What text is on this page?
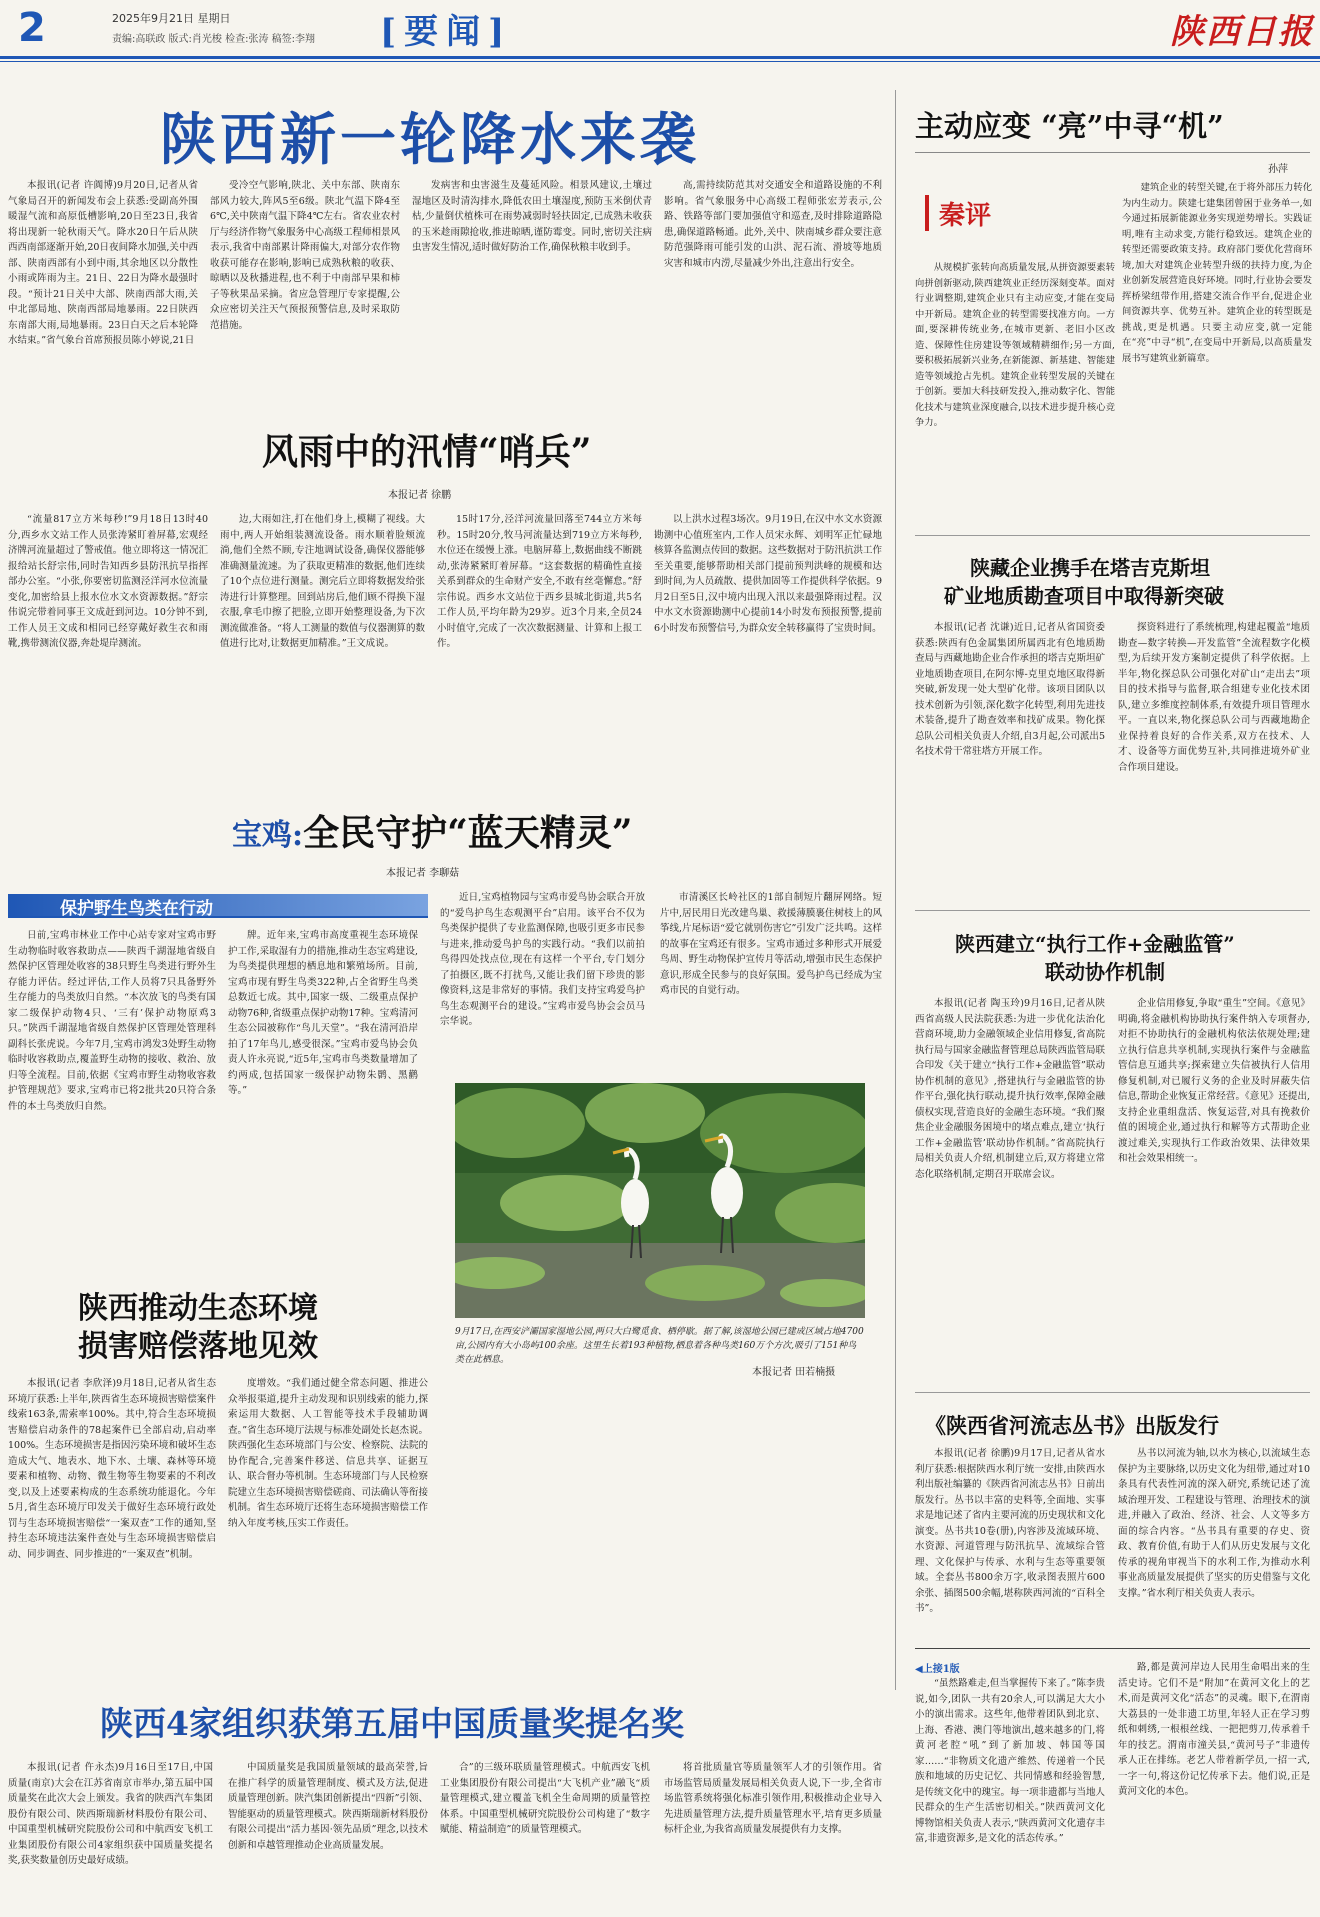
2	2025年9月21日 星期日
责编:高联政 版式:肖光梭 检查:张涛 稿签:李翔 [要闻]	陕西日报
陕西新一轮降水来袭

本报讯(记者 许阗博)9月20日,记者从省气象局召开的新闻发布会上获悉:受副高外围暖湿气流和高原低槽影响,20日至23日,我省将出现新一轮秋雨天气。降水20日午后从陕西西南部逐渐开始,20日夜间降水加强,关中西部、陕南西部有小到中雨,其余地区以分散性小雨或阵雨为主。21日、22日为降水最强时段。“预计21日关中大部、陕南西部大雨,关中北部局地、陕南西部局地暴雨。22日陕西东南部大雨,局地暴雨。23日白天之后本轮降水结束。”省气象台首席预报员陈小婷说,21日

受冷空气影响,陕北、关中东部、陕南东部风力较大,阵风5至6级。陕北气温下降4至6℃,关中陕南气温下降4℃左右。省农业农村厅与经济作物气象服务中心高级工程师相景风表示,我省中南部累计降雨偏大,对部分农作物收获可能存在影响,影响已成熟秋粮的收获、晾晒以及秋播进程,也不利于中南部早果和柿子等秋果品采摘。省应急管理厅专家提醒,公众应密切关注天气预报预警信息,及时采取防范措施。

发病害和虫害滋生及蔓延风险。相景风建议,土壤过湿地区及时清沟排水,降低农田土壤湿度,预防玉米倒伏青枯,少量倒伏植株可在雨势减弱时轻扶固定,已成熟未收获的玉米趁雨隙抢收,推进晾晒,谨防霉变。同时,密切关注病虫害发生情况,适时做好防治工作,确保秋粮丰收到手。

高,需持续防范其对交通安全和道路设施的不利影响。省气象服务中心高级工程师张宏芳表示,公路、铁路等部门要加强值守和巡查,及时排除道路隐患,确保道路畅通。此外,关中、陕南城乡群众要注意防范强降雨可能引发的山洪、泥石流、滑坡等地质灾害和城市内涝,尽量减少外出,注意出行安全。

风雨中的汛情“哨兵”
本报记者 徐鹏

“流量817立方米每秒!”9月18日13时40分,西乡水文站工作人员张涛紧盯着屏幕,宏观经济牌河流量超过了警戒值。他立即将这一情况汇报给站长舒宗伟,同时告知西乡县防汛抗旱指挥部办公室。“小张,你要密切监测泾洋河水位流量变化,加密给县上报水位水文水资源数据。”舒宗伟说完带着同事王文成赶到河边。10分钟不到,工作人员王文成和相同已经穿戴好救生衣和雨靴,携带测流仪器,奔赴堤岸测流。

边,大雨如注,打在他们身上,模糊了视线。大雨中,两人开始组装测流设备。雨水顺着脸颊流淌,他们全然不顾,专注地调试设备,确保仪器能够准确测量流速。为了获取更精准的数据,他们连续了10个点位进行测量。测完后立即将数据发给张涛进行计算整理。回到站房后,他们顾不得换下湿衣服,拿毛巾擦了把脸,立即开始整理设备,为下次测流做准备。“将人工测量的数值与仪器测算的数值进行比对,让数据更加精准。”王文成说。

15时17分,泾洋河流量回落至744立方米每秒。15时20分,牧马河流量达到719立方米每秒,水位还在缓慢上涨。电脑屏幕上,数据曲线不断跳动,张涛紧紧盯着屏幕。“这套数据的精确性直接关系到群众的生命财产安全,不敢有丝毫懈怠。”舒宗伟说。西乡水文站位于西乡县城北街道,共5名工作人员,平均年龄为29岁。近3个月来,全员24小时值守,完成了一次次数据测量、计算和上报工作。

以上洪水过程3场次。9月19日,在汉中水文水资源勘测中心值班室内,工作人员宋永辉、刘明军正忙碌地核算各监测点传回的数据。这些数据对于防汛抗洪工作至关重要,能够帮助相关部门提前预判洪峰的规模和达到时间,为人员疏散、提供加固等工作提供科学依据。9月2日至5日,汉中境内出现入汛以来最强降雨过程。汉中水文水资源勘测中心提前14小时发布预报预警,提前6小时发布预警信号,为群众安全转移赢得了宝贵时间。

宝鸡:全民守护“蓝天精灵”
本报记者 李聊菇
保护野生鸟类在行动

日前,宝鸡市林业工作中心站专家对宝鸡市野生动物临时收容救助点——陕西千湖湿地省级自然保护区管理处收容的38只野生鸟类进行野外生存能力评估。经过评估,工作人员将7只具备野外生存能力的鸟类放归自然。“本次放飞的鸟类有国家二级保护动物4只、‘三有’保护动物原鸡3只。”陕西千湖湿地省级自然保护区管理处管理科副科长张虎说。今年7月,宝鸡市鸿发3处野生动物临时收容救助点,覆盖野生动物的接收、救治、放归等全流程。目前,依据《宝鸡市野生动物收容救护管理规范》要求,宝鸡市已将2批共20只符合条件的本土鸟类放归自然。

牌。近年来,宝鸡市高度重视生态环境保护工作,采取湿有力的措施,推动生态宝鸡建设,为鸟类提供理想的栖息地和繁殖场所。目前,宝鸡市现有野生鸟类322种,占全省野生鸟类总数近七成。其中,国家一级、二级重点保护动物76种,省级重点保护动物17种。宝鸡清河生态公园被称作“鸟儿天堂”。“我在清河沿岸拍了17年鸟儿,感受很深。”宝鸡市爱鸟协会负责人许永亮说,“近5年,宝鸡市鸟类数量增加了约两成,包括国家一级保护动物朱鹮、黑鹳等。”

近日,宝鸡植物园与宝鸡市爱鸟协会联合开放的“爱鸟护鸟生态观测平台”启用。该平台不仅为鸟类保护提供了专业监测保障,也吸引更多市民参与进来,推动爱鸟护鸟的实践行动。“我们以前拍鸟得四处找点位,现在有这样一个平台,专门划分了拍摄区,既不打扰鸟,又能让我们留下珍贵的影像资料,这是非常好的事情。我们支持宝鸡爱鸟护鸟生态观测平台的建设。”宝鸡市爱鸟协会会员马宗华说。

市清溪区长岭社区的1部自制短片翻屏网络。短片中,居民用日光改建鸟巢、救援薄膜裹住树枝上的风筝线,片尾标语“爱它就别伤害它”引发广泛共鸣。这样的故事在宝鸡还有很多。宝鸡市通过多种形式开展爱鸟周、野生动物保护宣传月等活动,增强市民生态保护意识,形成全民参与的良好氛围。爱鸟护鸟已经成为宝鸡市民的自觉行动。

陕西推动生态环境
损害赔偿落地见效

本报讯(记者 李欣泽)9月18日,记者从省生态环境厅获悉:上半年,陕西省生态环境损害赔偿案件线索163条,需索率100%。其中,符合生态环境损害赔偿启动条件的78起案件已全部启动,启动率100%。生态环境损害是指因污染环境和破坏生态造成大气、地表水、地下水、土壤、森林等环境要素和植物、动物、微生物等生物要素的不利改变,以及上述要素构成的生态系统功能退化。今年5月,省生态环境厅印发关于做好生态环境行政处罚与生态环境损害赔偿“一案双查”工作的通知,坚持生态环境违法案件查处与生态环境损害赔偿启动、同步调查、同步推进的“一案双查”机制。

度增效。“我们通过健全常态问题、推进公众举报渠道,提升主动发现和识别线索的能力,探索运用大数据、人工智能等技术手段辅助调查。”省生态环境厅法规与标准处副处长赵杰说。陕西强化生态环境部门与公安、检察院、法院的协作配合,完善案件移送、信息共享、证据互认、联合督办等机制。生态环境部门与人民检察院建立生态环境损害赔偿磋商、司法确认等衔接机制。省生态环境厅还将生态环境损害赔偿工作纳入年度考核,压实工作责任。

9月17日,在西安浐灞国家湿地公园,两只大白鹭觅食、栖停歇。据了解,该湿地公园已建成区域占地4700亩,公园内有大小岛屿100余座。这里生长着193种植物,栖息着各种鸟类160万个方次,吸引了151种鸟类在此栖息。
本报记者 田若楠摄
陕西4家组织获第五届中国质量奖提名奖

本报讯(记者 仵永杰)9月16日至17日,中国质量(南京)大会在江苏省南京市举办,第五届中国质量奖在此次大会上颁发。我省的陕西汽车集团股份有限公司、陕西斯瑞新材料股份有限公司、中国重型机械研究院股份公司和中航西安飞机工业集团股份有限公司4家组织获中国质量奖提名奖,获奖数量创历史最好成绩。

中国质量奖是我国质量领域的最高荣誉,旨在推广科学的质量管理制度、模式及方法,促进质量管理创新。陕汽集团创新提出“四新”引领、智能驱动的质量管理模式。陕西斯瑞新材料股份有限公司提出“活力基因·领先品质”理念,以技术创新和卓越管理推动企业高质量发展。

合”的三级环联质量管理模式。中航西安飞机工业集团股份有限公司提出“大飞机产业”融飞“质量管理模式,建立覆盖飞机全生命周期的质量管控体系。中国重型机械研究院股份公司构建了“数字赋能、精益制造”的质量管理模式。

将首批质量官等质量领军人才的引领作用。省市场监管局质量发展局相关负责人说,下一步,全省市场监管系统将强化标准引领作用,积极推动企业导入先进质量管理方法,提升质量管理水平,培育更多质量标杆企业,为我省高质量发展提供有力支撑。

主动应变 “亮”中寻“机”
孙萍
秦评

从规模扩张转向高质量发展,从拼资源要素转向拼创新驱动,陕西建筑业正经历深刻变革。面对行业调整期,建筑企业只有主动应变,才能在变局中开新局。建筑企业的转型需要找准方向。一方面,要深耕传统业务,在城市更新、老旧小区改造、保障性住房建设等领域精耕细作;另一方面,要积极拓展新兴业务,在新能源、新基建、智能建造等领域抢占先机。建筑企业转型发展的关键在于创新。要加大科技研发投入,推动数字化、智能化技术与建筑业深度融合,以技术进步提升核心竞争力。

建筑企业的转型关键,在于将外部压力转化为内生动力。陕建七建集团曾困于业务单一,如今通过拓展新能源业务实现逆势增长。实践证明,唯有主动求变,方能行稳致远。建筑企业的转型还需要政策支持。政府部门要优化营商环境,加大对建筑企业转型升级的扶持力度,为企业创新发展营造良好环境。同时,行业协会要发挥桥梁纽带作用,搭建交流合作平台,促进企业间资源共享、优势互补。建筑企业的转型既是挑战,更是机遇。只要主动应变,就一定能在“亮”中寻“机”,在变局中开新局,以高质量发展书写建筑业新篇章。

陕藏企业携手在塔吉克斯坦
矿业地质勘查项目中取得新突破

本报讯(记者 沈谦)近日,记者从省国资委获悉:陕西有色金属集团所属西北有色地质勘查局与西藏地勘企业合作承担的塔吉克斯坦矿业地质勘查项目,在阿尔博-克里克地区取得新突破,新发现一处大型矿化带。该项目团队以技术创新为引领,深化数字化转型,利用先进技术装备,提升了勘查效率和找矿成果。物化探总队公司相关负责人介绍,自3月起,公司派出5名技术骨干常驻塔方开展工作。

探资料进行了系统梳理,构建起覆盖“地质勘查—数字转换—开发监管”全流程数字化模型,为后续开发方案制定提供了科学依据。上半年,物化探总队公司强化对矿山“走出去”项目的技术指导与监督,联合组建专业化技术团队,建立多维度控制体系,有效提升项目管理水平。一直以来,物化探总队公司与西藏地勘企业保持着良好的合作关系,双方在技术、人才、设备等方面优势互补,共同推进境外矿业合作项目建设。

陕西建立“执行工作+金融监管”
联动协作机制

本报讯(记者 陶玉玲)9月16日,记者从陕西省高级人民法院获悉:为进一步优化法治化营商环境,助力金融领域企业信用修复,省高院执行局与国家金融监督管理总局陕西监管局联合印发《关于建立“执行工作+金融监管”联动协作机制的意见》,搭建执行与金融监管的协作平台,强化执行联动,提升执行效率,保障金融债权实现,营造良好的金融生态环境。“我们聚焦企业金融服务困境中的堵点难点,建立‘执行工作+金融监管’联动协作机制。”省高院执行局相关负责人介绍,机制建立后,双方将建立常态化联络机制,定期召开联席会议。

企业信用修复,争取“重生”空间。《意见》明确,将金融机构协助执行案件纳入专项督办,对拒不协助执行的金融机构依法依规处理;建立执行信息共享机制,实现执行案件与金融监管信息互通共享;探索建立失信被执行人信用修复机制,对已履行义务的企业及时屏蔽失信信息,帮助企业恢复正常经营。《意见》还提出,支持企业重组盘活、恢复运营,对具有挽救价值的困境企业,通过执行和解等方式帮助企业渡过难关,实现执行工作政治效果、法律效果和社会效果相统一。

《陕西省河流志丛书》出版发行

本报讯(记者 徐鹏)9月17日,记者从省水利厅获悉:根据陕西水利厅统一安排,由陕西水利出版社编纂的《陕西省河流志丛书》日前出版发行。丛书以丰富的史料等,全面地、实事求是地记述了省内主要河流的历史现状和文化演变。丛书共10卷(册),内容涉及流域环境、水资源、河道管理与防汛抗旱、流域综合管理、文化保护与传承、水利与生态等重要领域。全套丛书800余万字,收录图表照片600余张、插图500余幅,堪称陕西河流的“百科全书”。

丛书以河流为轴,以水为核心,以流域生态保护为主要脉络,以历史文化为纽带,通过对10条具有代表性河流的深入研究,系统记述了流域治理开发、工程建设与管理、治理技术的演进,并融入了政治、经济、社会、人文等多方面的综合内容。“丛书具有重要的存史、资政、教育价值,有助于人们从历史发展与文化传承的视角审视当下的水利工作,为推动水利事业高质量发展提供了坚实的历史借鉴与文化支撑。”省水利厅相关负责人表示。

◀上接1版

“虽然路难走,但当掌握传下来了。”陈李贵说,如今,团队一共有20余人,可以满足大大小小的演出需求。这些年,他带着团队到北京、上海、香港、澳门等地演出,越来越多的门,将黄河老腔“吼”到了新加坡、韩国等国家……“非物质文化遗产维然、传递着一个民族和地域的历史记忆、共同情感和经验智慧,是传统文化中的瑰宝。每一项非遗都与当地人民群众的生产生活密切相关。”陕西黄河文化博物馆相关负责人表示,“陕西黄河文化遗存丰富,非遗资源多,是文化的活态传承。”

路,都是黄河岸边人民用生命唱出来的生活史诗。它们不是“附加”在黄河文化上的艺术,而是黄河文化“活态”的灵魂。眼下,在渭南大荔县的一处非遗工坊里,年轻人正在学习剪纸和刺绣,一根根丝线、一把把剪刀,传承着千年的技艺。渭南市潼关县,“黄河号子”非遗传承人正在排练。老艺人带着新学员,一招一式,一字一句,将这份记忆传承下去。他们说,正是黄河文化的本色。
